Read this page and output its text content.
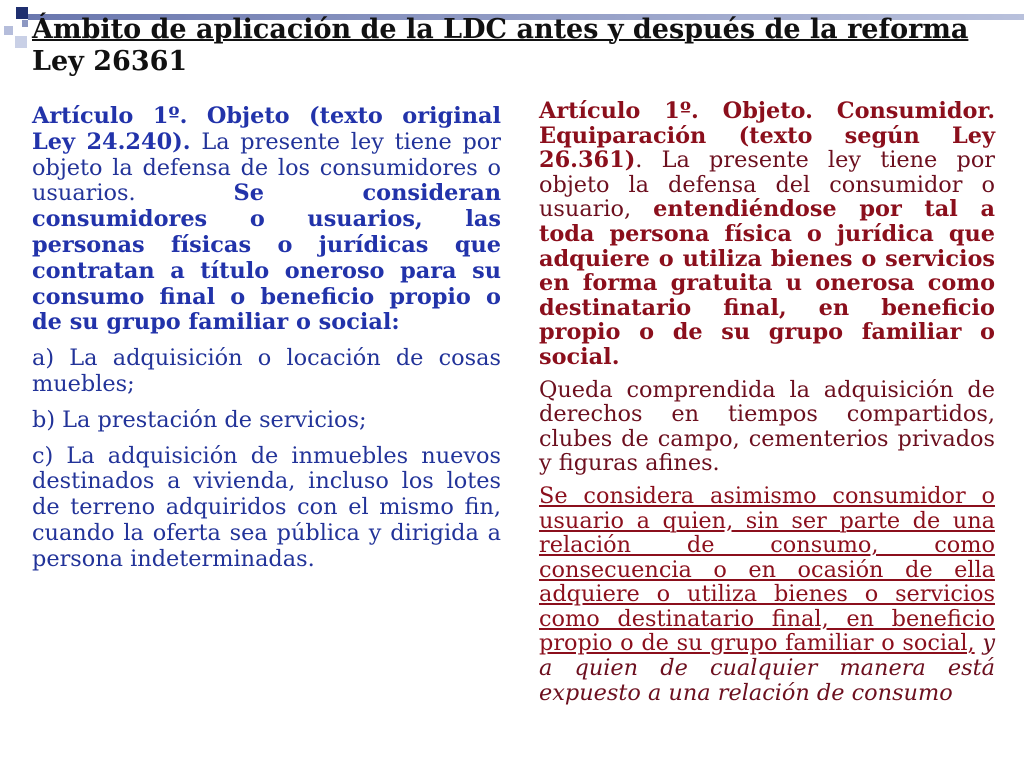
Ámbito de aplicación de la LDC antes y después de la reforma
Ley 26361

Artículo 1º. Objeto (texto original Ley 24.240). La presente ley tiene por objeto la defensa de los consumidores o usuarios. Se consideran consumidores o usuarios, las personas físicas o jurídicas que contratan a título oneroso para su consumo final o beneficio propio o de su grupo familiar o social:

a) La adquisición o locación de cosas muebles;

b) La prestación de servicios;

c) La adquisición de inmuebles nuevos destinados a vivienda, incluso los lotes de terreno adquiridos con el mismo fin, cuando la oferta sea pública y dirigida a persona indeterminadas.

Artículo 1º. Objeto. Consumidor. Equiparación (texto según Ley 26.361). La presente ley tiene por objeto la defensa del consumidor o usuario, entendiéndose por tal a toda persona física o jurídica que adquiere o utiliza bienes o servicios en forma gratuita u onerosa como destinatario final, en beneficio propio o de su grupo familiar o social.

Queda comprendida la adquisición de derechos en tiempos compartidos, clubes de campo, cementerios privados y figuras afines.

Se considera asimismo consumidor o usuario a quien, sin ser parte de una relación de consumo, como consecuencia o en ocasión de ella adquiere o utiliza bienes o servicios como destinatario final, en beneficio propio o de su grupo familiar o social, y a quien de cualquier manera está expuesto a una relación de consumo
